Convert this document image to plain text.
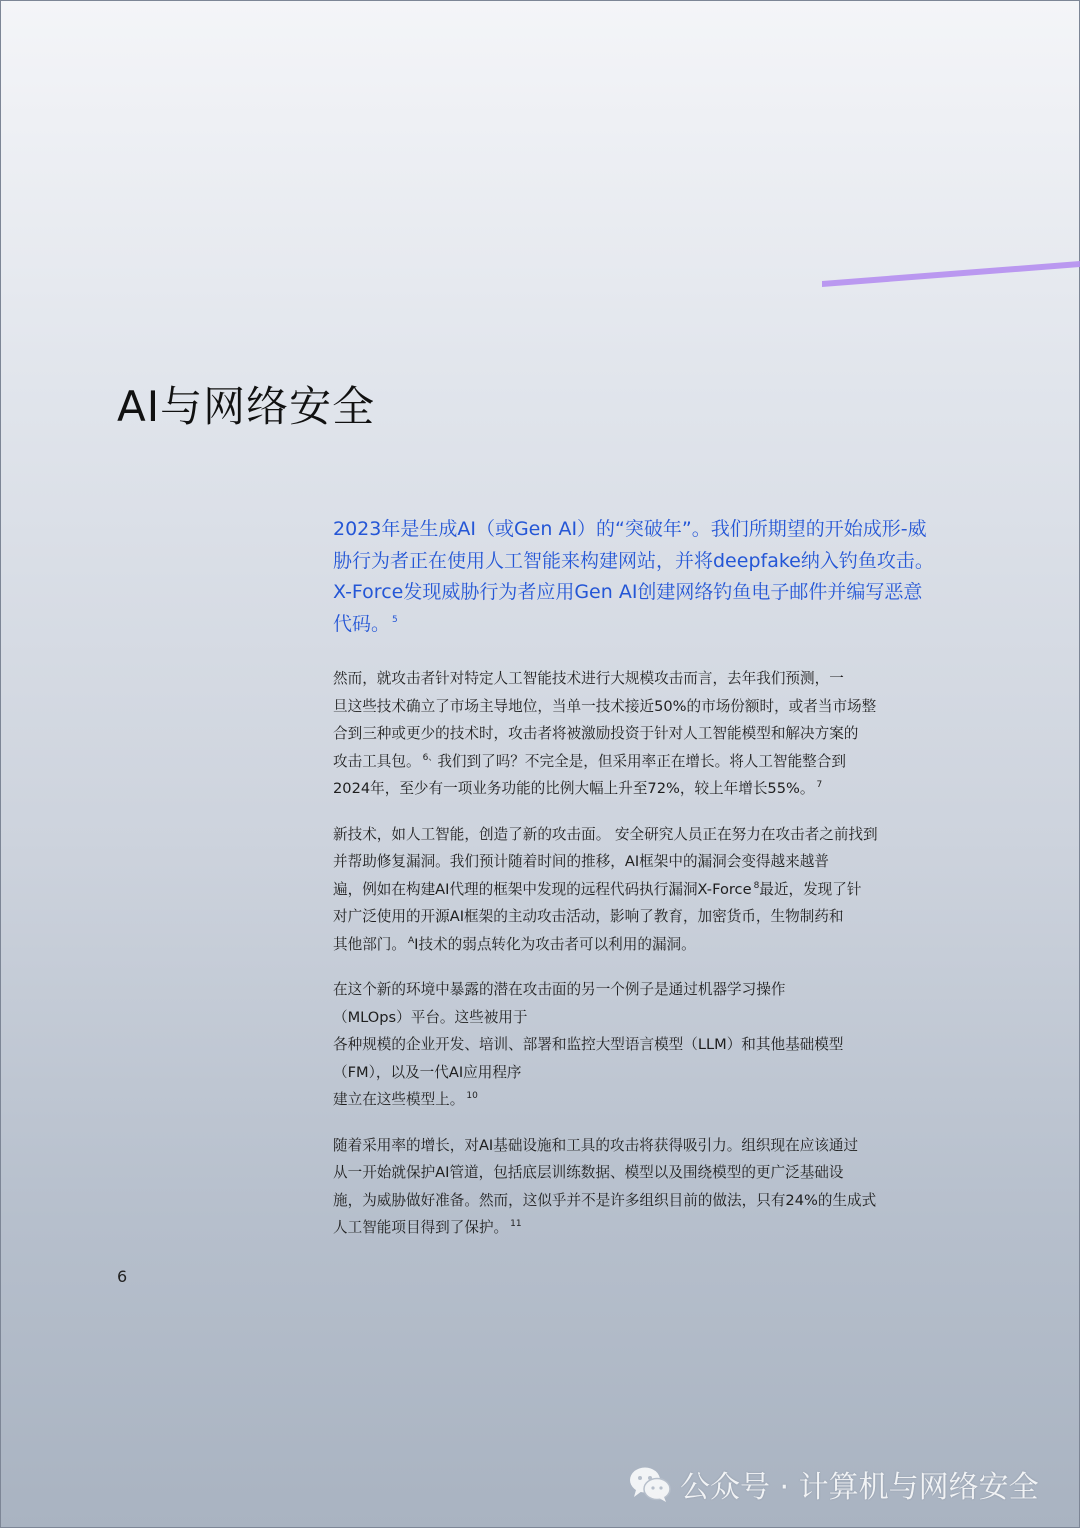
AI与网络安全

2023年是生成AI（或Gen AI）的“突破年”。我们所期望的开始成形-威
胁行为者正在使用人工智能来构建网站，并将deepfake纳入钓鱼攻击。
X-Force发现威胁行为者应用Gen AI创建网络钓鱼电子邮件并编写恶意
代码。 $^5$

然而，就攻击者针对特定人工智能技术进行大规模攻击而言，去年我们预测，一
旦这些技术确立了市场主导地位，当单一技术接近50%的市场份额时，或者当市场整
合到三种或更少的技术时，攻击者将被激励投资于针对人工智能模型和解决方案的
攻击工具包。 $^{6、}$我们到了吗？不完全是，但采用率正在增长。将人工智能整合到
2024年，至少有一项业务功能的比例大幅上升至72%，较上年增长55%。 $^7$

新技术，如人工智能，创造了新的攻击面。 安全研究人员正在努力在攻击者之前找到
并帮助修复漏洞。我们预计随着时间的推移，AI框架中的漏洞会变得越来越普
遍，例如在构建AI代理的框架中发现的远程代码执行漏洞X-Force $^8$最近，发现了针
对广泛使用的开源AI框架的主动攻击活动，影响了教育，加密货币，生物制药和
其他部门。 $^A$I技术的弱点转化为攻击者可以利用的漏洞。

在这个新的环境中暴露的潜在攻击面的另一个例子是通过机器学习操作
（MLOps）平台。这些被用于
各种规模的企业开发、培训、部署和监控大型语言模型（LLM）和其他基础模型
（FM），以及一代AI应用程序
建立在这些模型上。 $^{10}$

随着采用率的增长，对AI基础设施和工具的攻击将获得吸引力。组织现在应该通过
从一开始就保护AI管道，包括底层训练数据、模型以及围绕模型的更广泛基础设
施，为威胁做好准备。然而，这似乎并不是许多组织目前的做法，只有24%的生成式
人工智能项目得到了保护。 $^{11}$

6
公众号 · 计算机与网络安全
